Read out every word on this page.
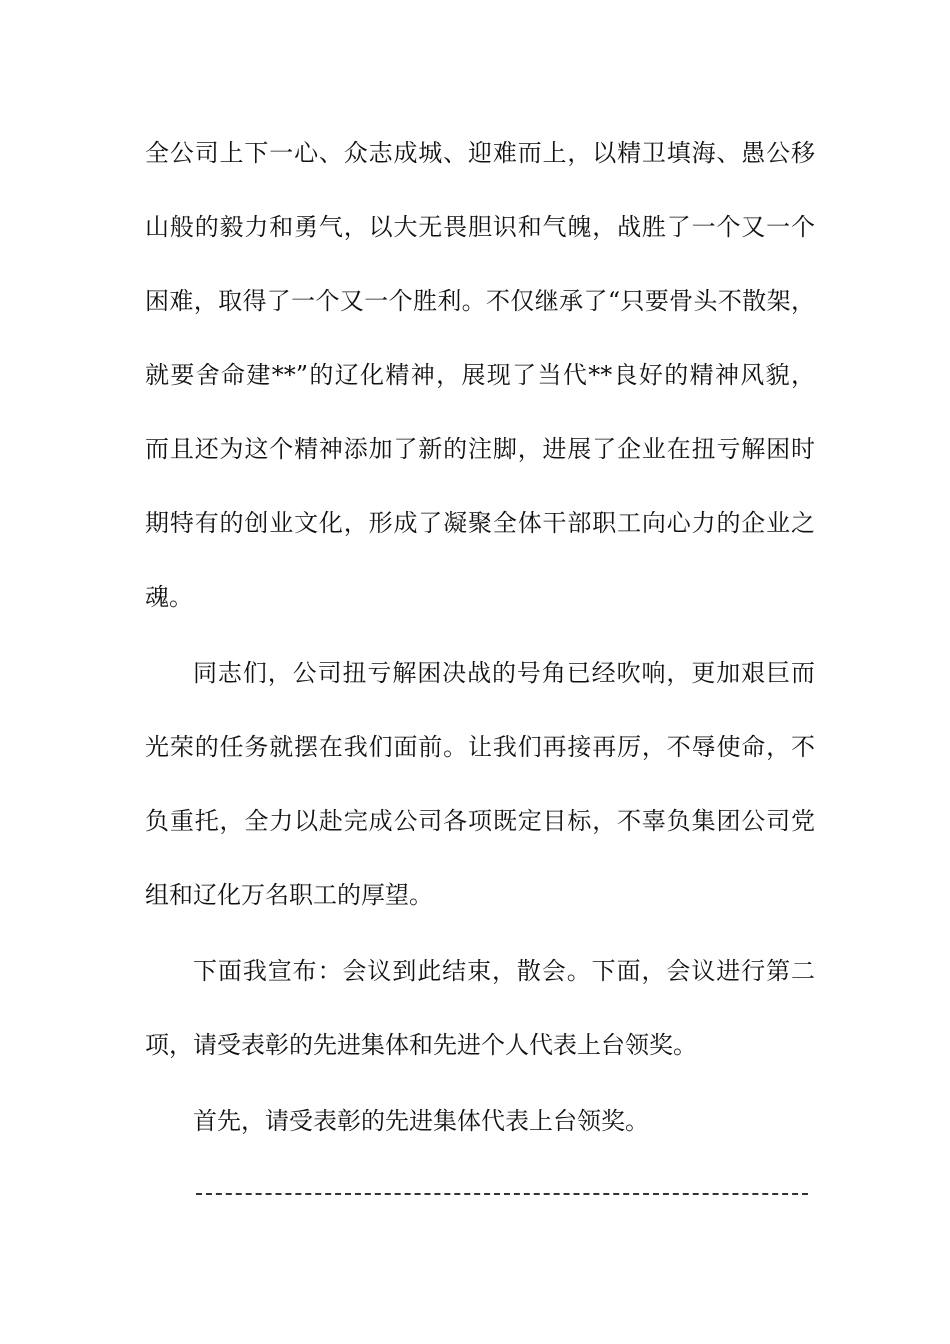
全公司上下一心、众志成城、迎难而上，以精卫填海、愚公移
山般的毅力和勇气，以大无畏胆识和气魄，战胜了一个又一个
困难，取得了一个又一个胜利。不仅继承了“只要骨头不散架，
就要舍命建**”的辽化精神，展现了当代**良好的精神风貌，
而且还为这个精神添加了新的注脚，进展了企业在扭亏解困时
期特有的创业文化，形成了凝聚全体干部职工向心力的企业之
魂。
同志们，公司扭亏解困决战的号角已经吹响，更加艰巨而
光荣的任务就摆在我们面前。让我们再接再厉，不辱使命，不
负重托，全力以赴完成公司各项既定目标，不辜负集团公司党
组和辽化万名职工的厚望。
下面我宣布：会议到此结束，散会。下面，会议进行第二
项，请受表彰的先进集体和先进个人代表上台领奖。
首先，请受表彰的先进集体代表上台领奖。
